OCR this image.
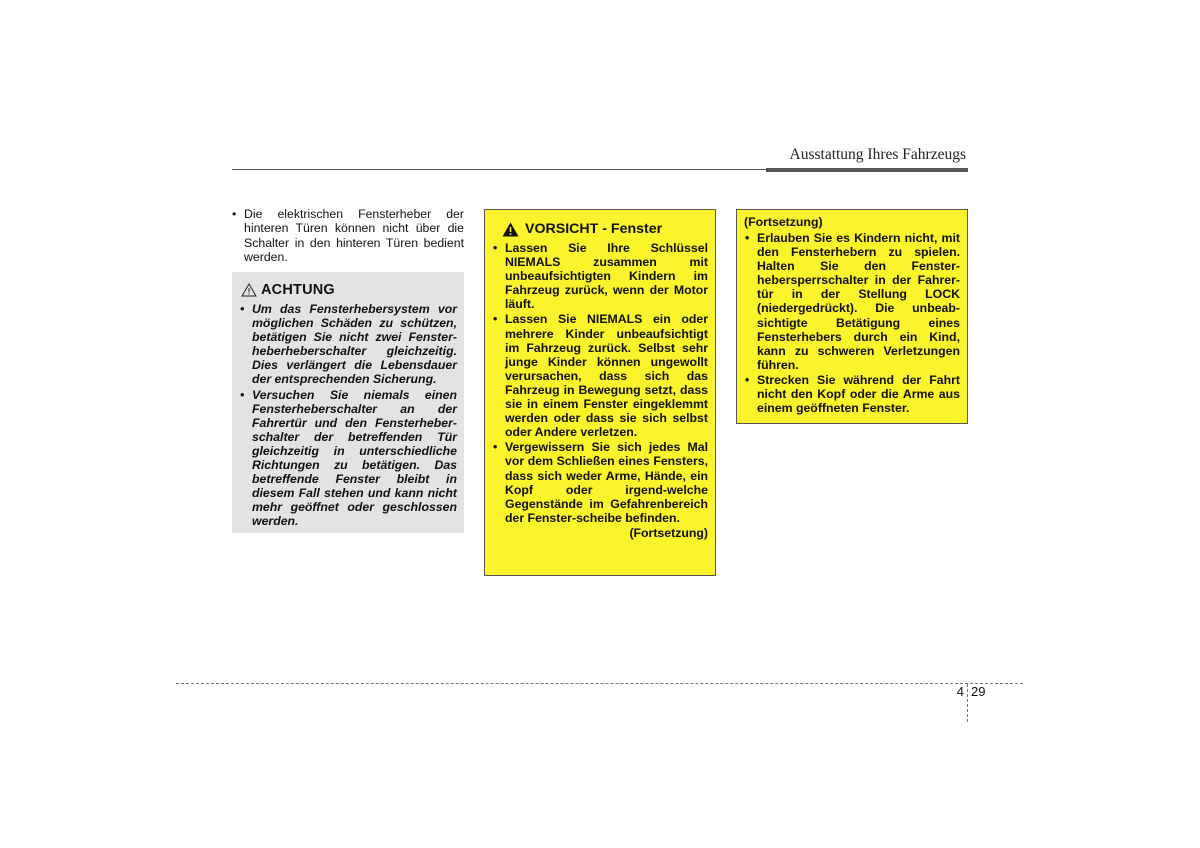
Ausstattung Ihres Fahrzeugs
• Die elektrischen Fensterheber der hinteren Türen können nicht über die Schalter in den hinteren Türen bedient werden.
ACHTUNG
• Um das Fensterhebersystem vor möglichen Schäden zu schützen, betätigen Sie nicht zwei Fenster-heberheberschalter gleichzeitig. Dies verlängert die Lebensdauer der entsprechenden Sicherung.
• Versuchen Sie niemals einen Fensterheberschalter an der Fahrertür und den Fensterheber-schalter der betreffenden Tür gleichzeitig in unterschiedliche Richtungen zu betätigen. Das betreffende Fenster bleibt in diesem Fall stehen und kann nicht mehr geöffnet oder geschlossen werden.
VORSICHT - Fenster
• Lassen Sie Ihre Schlüssel NIEMALS zusammen mit unbeaufsichtigten Kindern im Fahrzeug zurück, wenn der Motor läuft.
• Lassen Sie NIEMALS ein oder mehrere Kinder unbeaufsichtigt im Fahrzeug zurück. Selbst sehr junge Kinder können ungewollt verursachen, dass sich das Fahrzeug in Bewegung setzt, dass sie in einem Fenster eingeklemmt werden oder dass sie sich selbst oder Andere verletzen.
• Vergewissern Sie sich jedes Mal vor dem Schließen eines Fensters, dass sich weder Arme, Hände, ein Kopf oder irgend-welche Gegenstände im Gefahrenbereich der Fenster-scheibe befinden.
(Fortsetzung)
(Fortsetzung)
• Erlauben Sie es Kindern nicht, mit den Fensterhebern zu spielen. Halten Sie den Fenster-hebersperrschalter in der Fahrer-tür in der Stellung LOCK (niedergedrückt). Die unbeab-sichtigte Betätigung eines Fensterhebers durch ein Kind, kann zu schweren Verletzungen führen.
• Strecken Sie während der Fahrt nicht den Kopf oder die Arme aus einem geöffneten Fenster.
4 29
